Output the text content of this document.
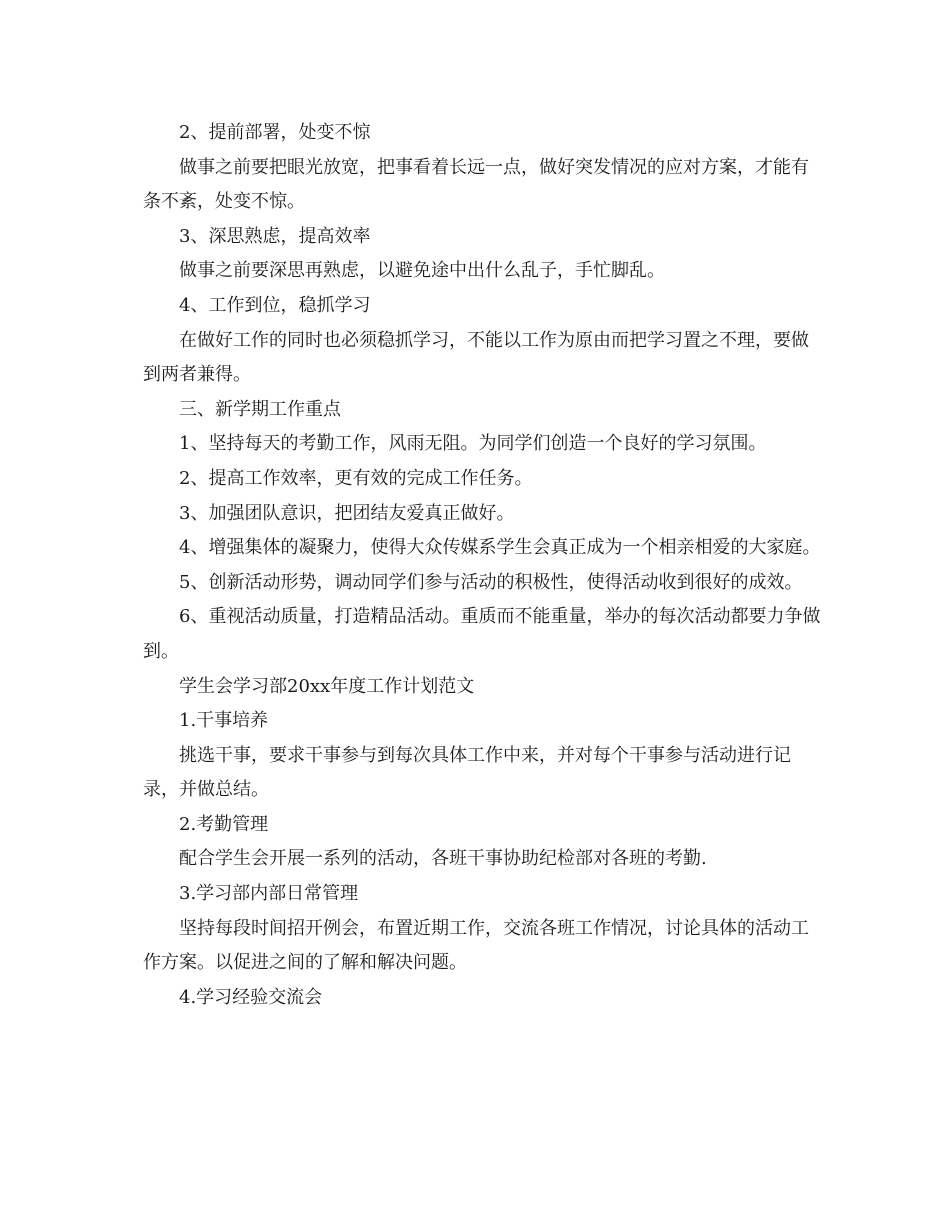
2、提前部署，处变不惊

做事之前要把眼光放宽，把事看着长远一点，做好突发情况的应对方案，才能有条不紊，处变不惊。

3、深思熟虑，提高效率

做事之前要深思再熟虑，以避免途中出什么乱子，手忙脚乱。

4、工作到位，稳抓学习

在做好工作的同时也必须稳抓学习，不能以工作为原由而把学习置之不理，要做到两者兼得。

三、新学期工作重点

1、坚持每天的考勤工作，风雨无阻。为同学们创造一个良好的学习氛围。

2、提高工作效率，更有效的完成工作任务。

3、加强团队意识，把团结友爱真正做好。

4、增强集体的凝聚力，使得大众传媒系学生会真正成为一个相亲相爱的大家庭。

5、创新活动形势，调动同学们参与活动的积极性，使得活动收到很好的成效。

6、重视活动质量，打造精品活动。重质而不能重量，举办的每次活动都要力争做到。

学生会学习部20xx年度工作计划范文

1.干事培养

挑选干事，要求干事参与到每次具体工作中来，并对每个干事参与活动进行记录，并做总结。

2.考勤管理

配合学生会开展一系列的活动，各班干事协助纪检部对各班的考勤.

3.学习部内部日常管理

坚持每段时间招开例会，布置近期工作，交流各班工作情况，讨论具体的活动工作方案。以促进之间的了解和解决问题。

4.学习经验交流会
